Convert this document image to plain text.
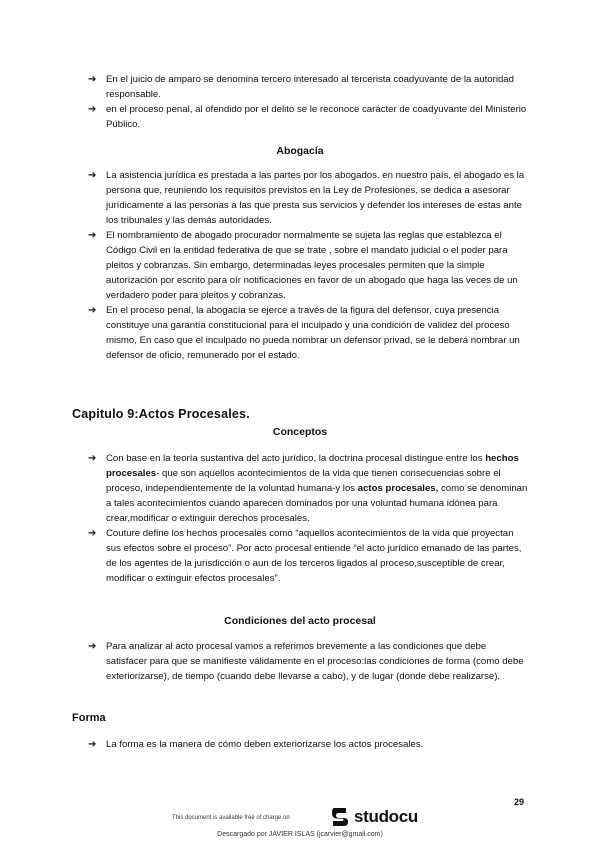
➔ En el juicio de amparo se denomina tercero interesado al tercerista coadyuvante de la autoridad responsable.
➔ en el proceso penal, al ofendido por el delito se le reconoce carácter de coadyuvante del Ministerio Público.
Abogacía
➔ La asistencia jurídica es prestada a las partes por los abogados. en nuestro país, el abogado es la persona que, reuniendo los requisitos previstos en la Ley de Profesiones, se dedica a asesorar jurídicamente a las personas a las que presta sus servicios y defender los intereses de estas ante los tribunales y las demás autoridades.
➔ El nombramiento de abogado procurador normalmente se sujeta las reglas que establezca el Código Civil en la entidad federativa de que se trate , sobre el mandato judicial o el poder para pleitos y cobranzas. Sin embargo, determinadas leyes procesales permiten que la simple autorización por escrito para oír notificaciones en favor de un abogado que haga las veces de un verdadero poder para pleitos y cobranzas.
➔ En el proceso penal, la abogacía se ejerce a través de la figura del defensor, cuya presencia constituye una garantía constitucional para el inculpado y una condición de validez del proceso mismo, En caso que el inculpado no pueda nombrar un defensor privad, se le deberá nombrar un defensor de oficio, remunerado por el estado.
Capitulo 9:Actos Procesales.
Conceptos
➔ Con base en la teoría sustantiva del acto jurídico, la doctrina procesal distingue entre los hechos procesales- que son aquellos acontecimientos de la vida que tienen consecuencias sobre el proceso, independientemente de la voluntad humana-y los actos procesales, como se denominan a tales acontecimientos cuando aparecen dominados por una voluntad humana idónea para crear,modificar o extinguir derechos procesales.
➔ Couture define los hechos procesales como “aquellos acontecimientos de la vida que proyectan sus efectos sobre el proceso”. Por acto procesal entiende “el acto jurídico emanado de las partes, de los agentes de la jurisdicción o aun de los terceros ligados al proceso,susceptible de crear, modificar o extinguir efectos procesales”.
Condiciones del acto procesal
➔ Para analizar al acto procesal vamos a referimos brevemente a las condiciones que debe satisfacer para que se manifieste válidamente en el proceso:las condiciones de forma (como debe exteriorizarse), de tiempo (cuando debe llevarse a cabo), y de lugar (donde debe realizarse).
Forma
➔ La forma es la manera de cómo deben exteriorizarse los actos procesales.
29
This document is available free of charge on	studocu
Descargado por JAVIER ISLAS (jcarvier@gmail.com)
